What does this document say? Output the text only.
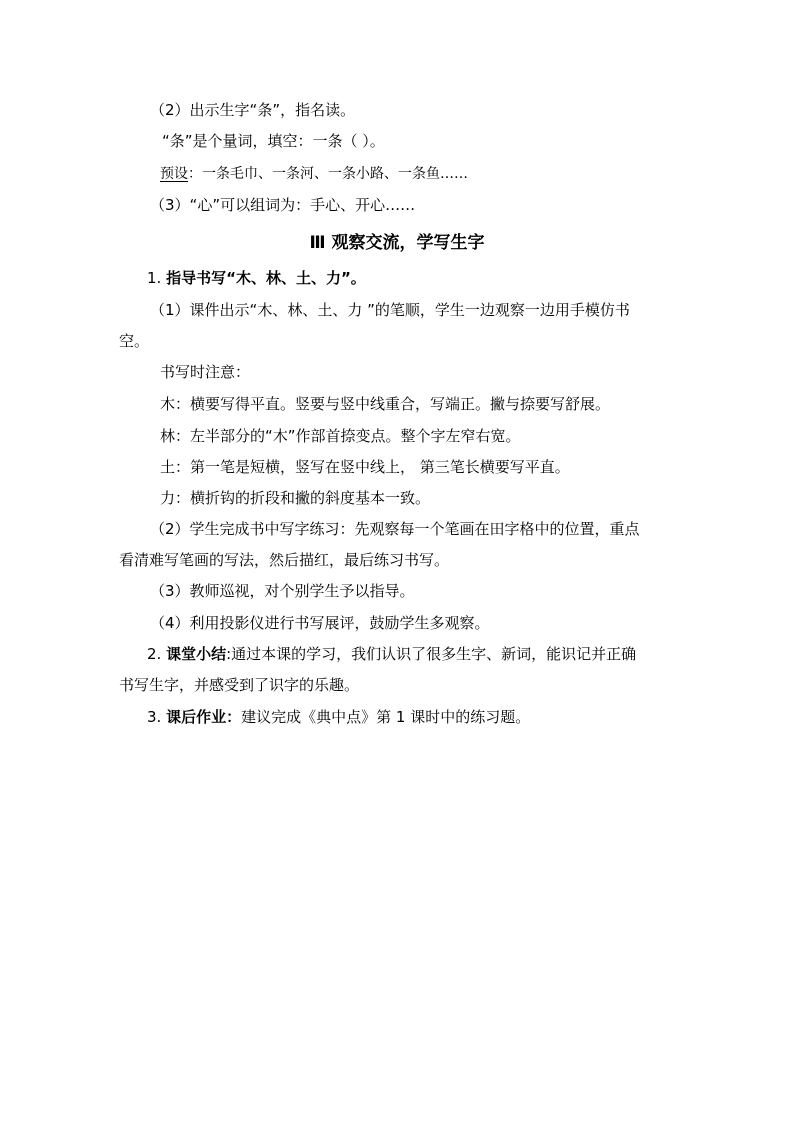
（2）出示生字“条”，指名读。
“条”是个量词，填空：一条（ ）。
预设：一条毛巾、一条河、一条小路、一条鱼……
（3）“心”可以组词为：手心、开心……
Ⅲ 观察交流，学写生字
1. 指导书写“木、林、土、力”。
（1）课件出示“木、林、土、力 ”的笔顺，学生一边观察一边用手模仿书
空。
书写时注意：
木：横要写得平直。竖要与竖中线重合，写端正。撇与捺要写舒展。
林：左半部分的“木”作部首捺变点。整个字左窄右宽。
土：第一笔是短横，竖写在竖中线上， 第三笔长横要写平直。
力：横折钩的折段和撇的斜度基本一致。
（2）学生完成书中写字练习：先观察每一个笔画在田字格中的位置，重点
看清难写笔画的写法，然后描红，最后练习书写。
（3）教师巡视，对个别学生予以指导。
（4）利用投影仪进行书写展评，鼓励学生多观察。
2. 课堂小结:通过本课的学习，我们认识了很多生字、新词，能识记并正确
书写生字，并感受到了识字的乐趣。
3. 课后作业：建议完成《典中点》第 1 课时中的练习题。
